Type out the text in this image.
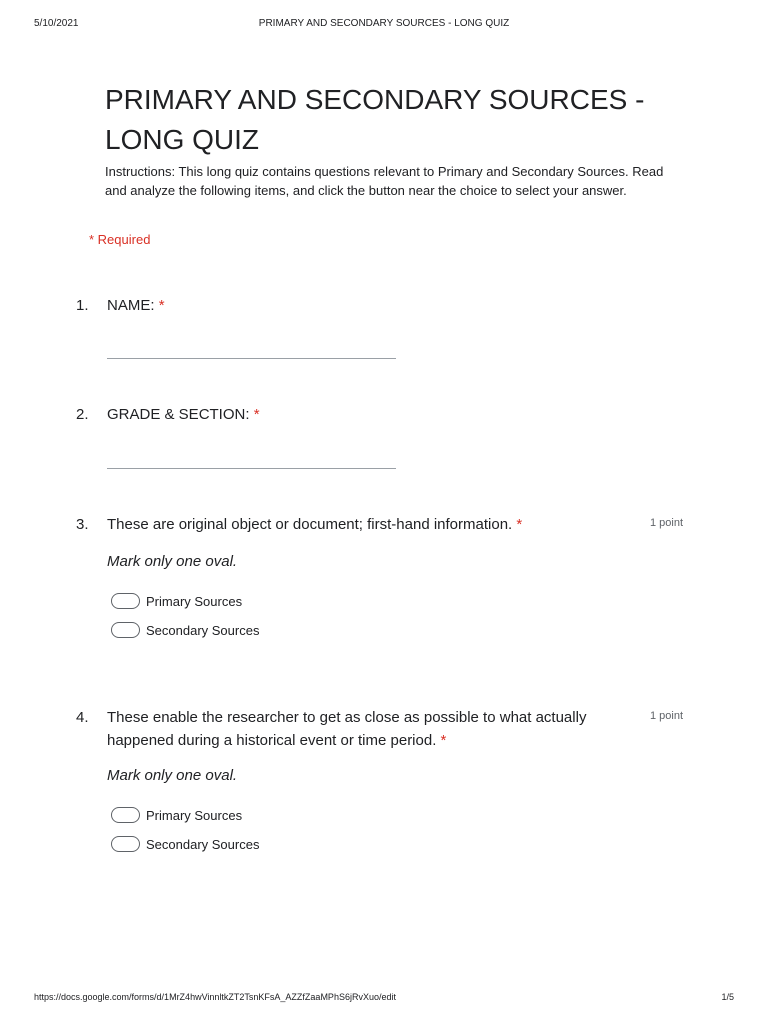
5/10/2021	PRIMARY AND SECONDARY SOURCES - LONG QUIZ
PRIMARY AND SECONDARY SOURCES - LONG QUIZ
Instructions: This long quiz contains questions relevant to Primary and Secondary Sources. Read and analyze the following items, and click the button near the choice to select your answer.
* Required
1. NAME: *
2. GRADE & SECTION: *
3. These are original object or document; first-hand information. *	1 point
Mark only one oval.
Primary Sources
Secondary Sources
4. These enable the researcher to get as close as possible to what actually happened during a historical event or time period. *
1 point
Mark only one oval.
Primary Sources
Secondary Sources
https://docs.google.com/forms/d/1MrZ4hwVinnltkZT2TsnKFsA_AZZfZaaMPhS6jRvXuo/edit	1/5
